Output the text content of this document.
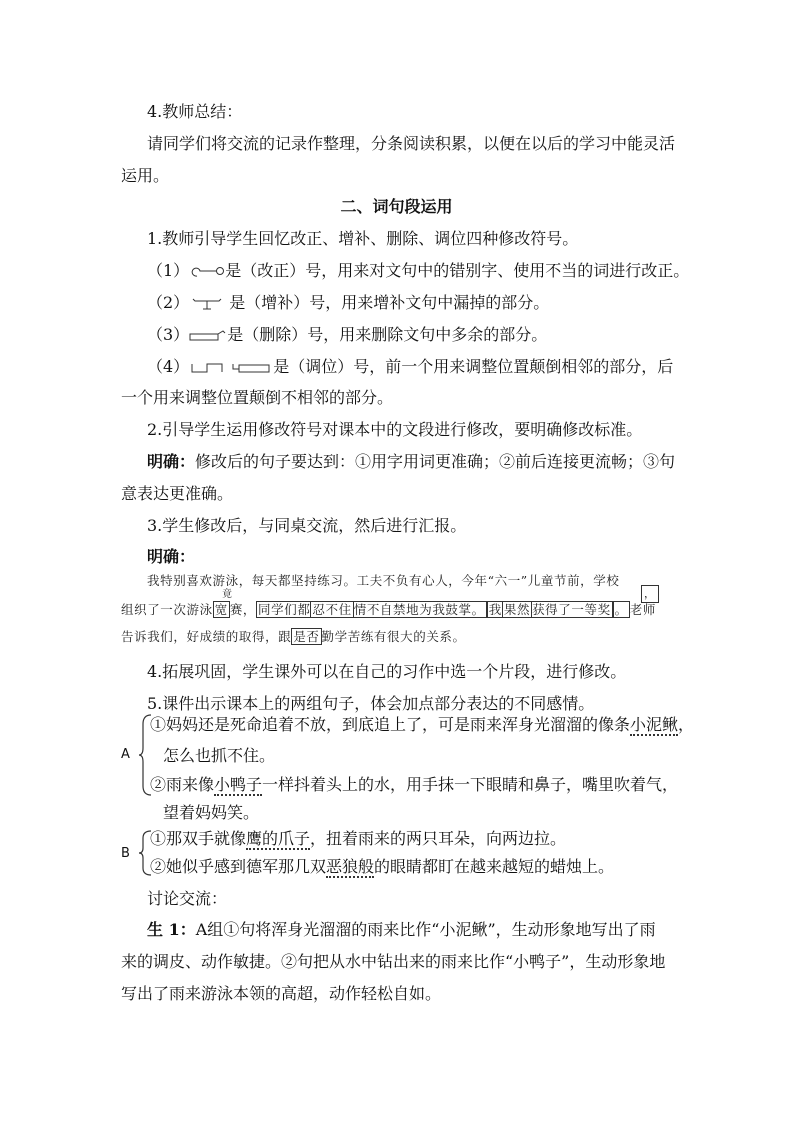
4.教师总结：
请同学们将交流的记录作整理，分条阅读积累，以便在以后的学习中能灵活
运用。
二、词句段运用
1.教师引导学生回忆改正、增补、删除、调位四种修改符号。
（1） 是（改正）号，用来对文句中的错别字、使用不当的词进行改正。
（2）	是（增补）号，用来增补文句中漏掉的部分。
（3） 是（删除）号，用来删除文句中多余的部分。
（4）	是（调位）号，前一个用来调整位置颠倒相邻的部分，后
一个用来调整位置颠倒不相邻的部分。
2.引导学生运用修改符号对课本中的文段进行修改，要明确修改标准。
明确：修改后的句子要达到：①用字用词更准确；②前后连接更流畅；③句
意表达更准确。
3.学生修改后，与同桌交流，然后进行汇报。
明确：
我特别喜欢游泳，每天都坚持练习。工夫不负有心人，今年“六一”儿童节前，学校
组织了一次游泳 宽 赛， 同学们都 忍不住 情不自禁地为我鼓掌。 我 果然 获得了一等奖 。 老师
竟	，
告诉我们，好成绩的取得，跟 是否 勤学苦练有很大的关系。
4.拓展巩固，学生课外可以在自己的习作中选一个片段，进行修改。
5.课件出示课本上的两组句子，体会加点部分表达的不同感情。
A
①妈妈还是死命追着不放，到底追上了，可是雨来浑身光溜溜的像条小泥鳅，
怎么也抓不住。
②雨来像小鸭子一样抖着头上的水，用手抹一下眼睛和鼻子，嘴里吹着气，
望着妈妈笑。
B
①那双手就像鹰的爪子，扭着雨来的两只耳朵，向两边拉。
②她似乎感到德军那几双恶狼般的眼睛都盯在越来越短的蜡烛上。
讨论交流：
生 1：A组①句将浑身光溜溜的雨来比作“小泥鳅”，生动形象地写出了雨
来的调皮、动作敏捷。②句把从水中钻出来的雨来比作“小鸭子”，生动形象地
写出了雨来游泳本领的高超，动作轻松自如。
